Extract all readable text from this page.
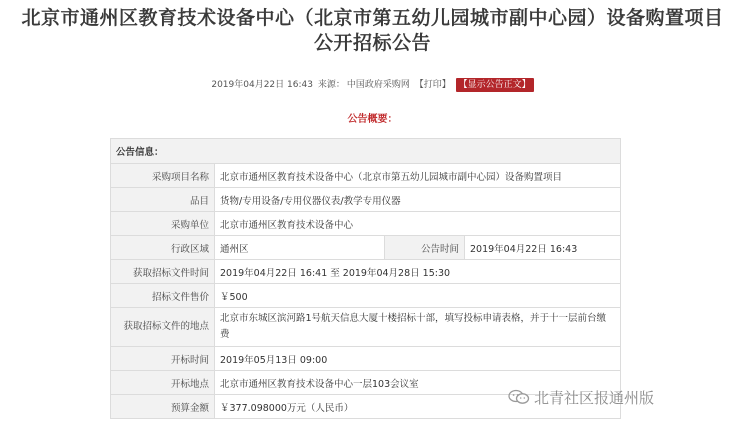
北京市通州区教育技术设备中心（北京市第五幼儿园城市副中心园）设备购置项目
公开招标公告
2019年04月22日 16:43 来源： 中国政府采购网 【打印】 【显示公告正文】
公告概要：
公告信息：			
采购项目名称	北京市通州区教育技术设备中心（北京市第五幼儿园城市副中心园）设备购置项目		
品目	货物/专用设备/专用仪器仪表/教学专用仪器		
采购单位	北京市通州区教育技术设备中心		
行政区域	通州区	公告时间	2019年04月22日 16:43
获取招标文件时间	2019年04月22日 16:41 至 2019年04月28日 15:30		
招标文件售价	￥500		
获取招标文件的地点	北京市东城区滨河路1号航天信息大厦十楼招标十部，填写投标申请表格，并于十一层前台缴费		
开标时间	2019年05月13日 09:00		
开标地点	北京市通州区教育技术设备中心一层103会议室		
预算金额	￥377.098000万元（人民币）		
北青社区报通州版
